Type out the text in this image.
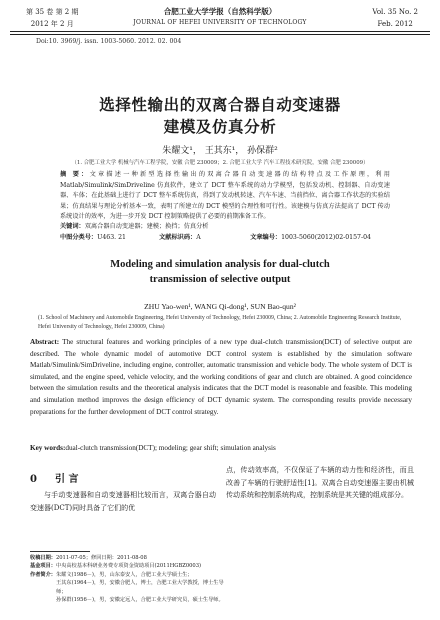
第 35 卷 第 2 期
2012 年 2 月
合肥工业大学学报（自然科学版）
JOURNAL OF HEFEI UNIVERSITY OF TECHNOLOGY
Vol. 35 No. 2
Feb. 2012
Doi:10. 3969/j. issn. 1003-5060. 2012. 02. 004
选择性输出的双离合器自动变速器
建模及仿真分析
朱耀文¹， 王其东¹， 孙保群²
（1. 合肥工业大学 机械与汽车工程学院，安徽 合肥 230009；2. 合肥工业大学 汽车工程技术研究院，安徽 合肥 230009）
摘 要：文章描述一种新型选择性输出的双离合器自动变速器的结构特点及工作原理，利用 Matlab/Simulink/SimDriveline 仿真软件，建立了 DCT 整车系统的动力学模型，包括发动机、控制器、自动变速器、车体；在此基础上进行了 DCT 整车系统仿真，得到了发动机转速、汽车车速、当前挡位、离合器工作状态的实验结果；仿真结果与理论分析基本一致，表明了所建立的 DCT 模型的合理性和可行性。该建模与仿真方法提高了 DCT 传动系统设计的效率，为进一步开发 DCT 控制策略提供了必要的前期准备工作。
关键词：双离合器自动变速器；建模；换挡；仿真分析
中图分类号：U463. 21	文献标识码：A	文章编号：1003-5060(2012)02-0157-04
Modeling and simulation analysis for dual-clutch
transmission of selective output
ZHU Yao-wen¹, WANG Qi-dong¹, SUN Bao-qun²
(1. School of Machinery and Automobile Engineering, Hefei University of Technology, Hefei 230009, China; 2. Automobile Engineering Research Institute, Hefei University of Technology, Hefei 230009, China)
Abstract: The structural features and working principles of a new type dual-clutch transmission(DCT) of selective output are described. The whole dynamic model of automotive DCT control system is established by the simulation software Matlab/Simulink/SimDriveline, including engine, controller, automatic transmission and vehicle body. The whole system of DCT is simulated, and the engine speed, vehicle velocity, and the working conditions of gear and clutch are obtained. A good coincidence between the simulation results and the theoretical analysis indicates that the DCT model is reasonable and feasible. This modeling and simulation method improves the design efficiency of DCT dynamic system. The corresponding results provide necessary preparations for the further development of DCT control strategy.
Key words:dual-clutch transmission(DCT); modeling; gear shift; simulation analysis
0 引 言
与手动变速器和自动变速器相比较而言，双离合器自动变速器(DCT)同时具备了它们的优
点，传动效率高，不仅保证了车辆的动力性和经济性，而且改善了车辆的行驶舒适性[1]。双离合自动变速器主要由机械传动系统和控制系统构成，控制系统是其关键的组成部分。
收稿日期：2011-07-05；修回日期：2011-08-08
基金项目：中央高校基本科研业务费专项资金资助项目(2011HGBZ0003)
作者简介：朱耀文(1986－)，男，山东泰安人，合肥工业大学硕士生；
王其东(1964－)，男，安徽合肥人，博士，合肥工业大学教授，博士生导师；
孙保群(1956－)，男，安徽定远人，合肥工业大学研究员，硕士生导师。
